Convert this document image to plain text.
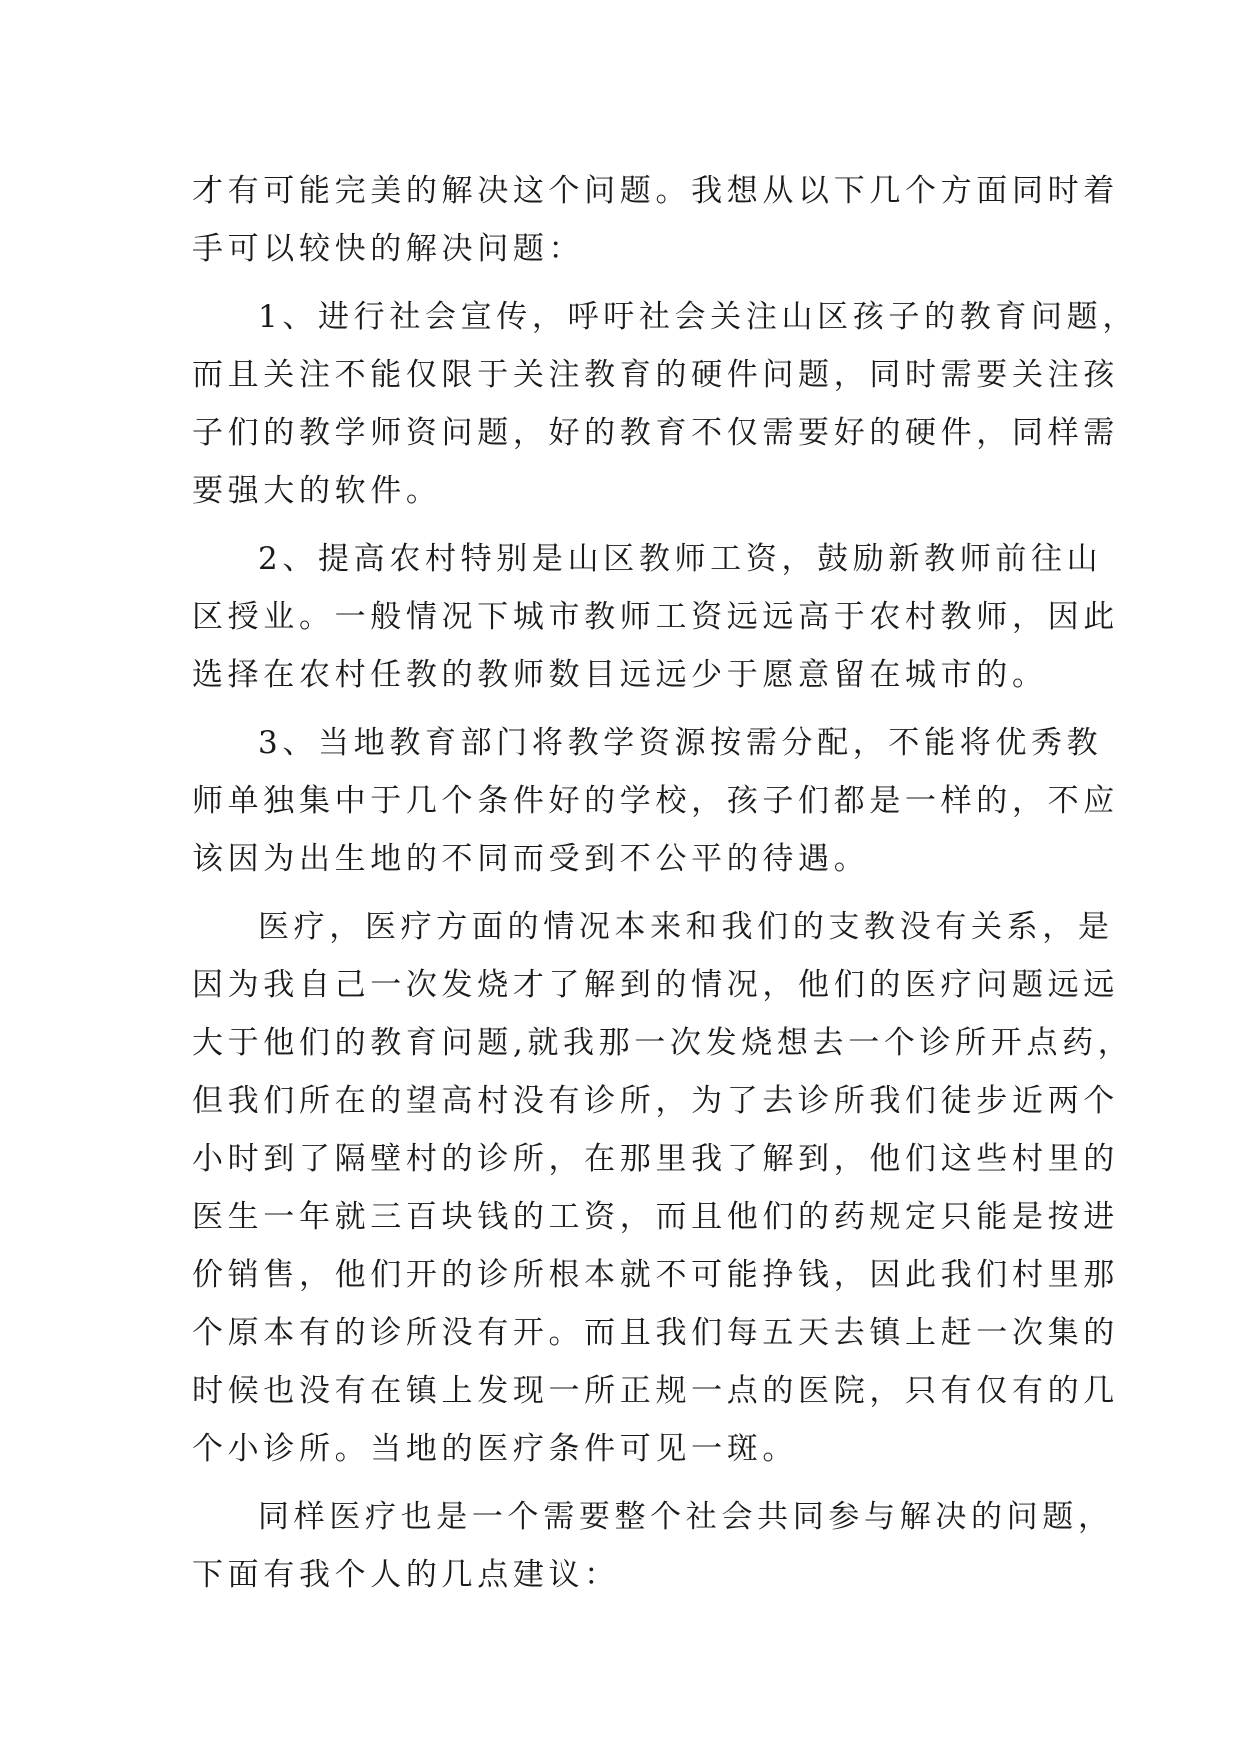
才有可能完美的解决这个问题。我想从以下几个方面同时着
手可以较快的解决问题：
1、进行社会宣传，呼吁社会关注山区孩子的教育问题，
而且关注不能仅限于关注教育的硬件问题，同时需要关注孩
子们的教学师资问题，好的教育不仅需要好的硬件，同样需
要强大的软件。
2、提高农村特别是山区教师工资，鼓励新教师前往山
区授业。一般情况下城市教师工资远远高于农村教师，因此
选择在农村任教的教师数目远远少于愿意留在城市的。
3、当地教育部门将教学资源按需分配，不能将优秀教
师单独集中于几个条件好的学校，孩子们都是一样的，不应
该因为出生地的不同而受到不公平的待遇。
医疗，医疗方面的情况本来和我们的支教没有关系，是
因为我自己一次发烧才了解到的情况，他们的医疗问题远远
大于他们的教育问题,就我那一次发烧想去一个诊所开点药，
但我们所在的望高村没有诊所，为了去诊所我们徒步近两个
小时到了隔壁村的诊所，在那里我了解到，他们这些村里的
医生一年就三百块钱的工资，而且他们的药规定只能是按进
价销售，他们开的诊所根本就不可能挣钱，因此我们村里那
个原本有的诊所没有开。而且我们每五天去镇上赶一次集的
时候也没有在镇上发现一所正规一点的医院，只有仅有的几
个小诊所。当地的医疗条件可见一斑。
同样医疗也是一个需要整个社会共同参与解决的问题，
下面有我个人的几点建议：
